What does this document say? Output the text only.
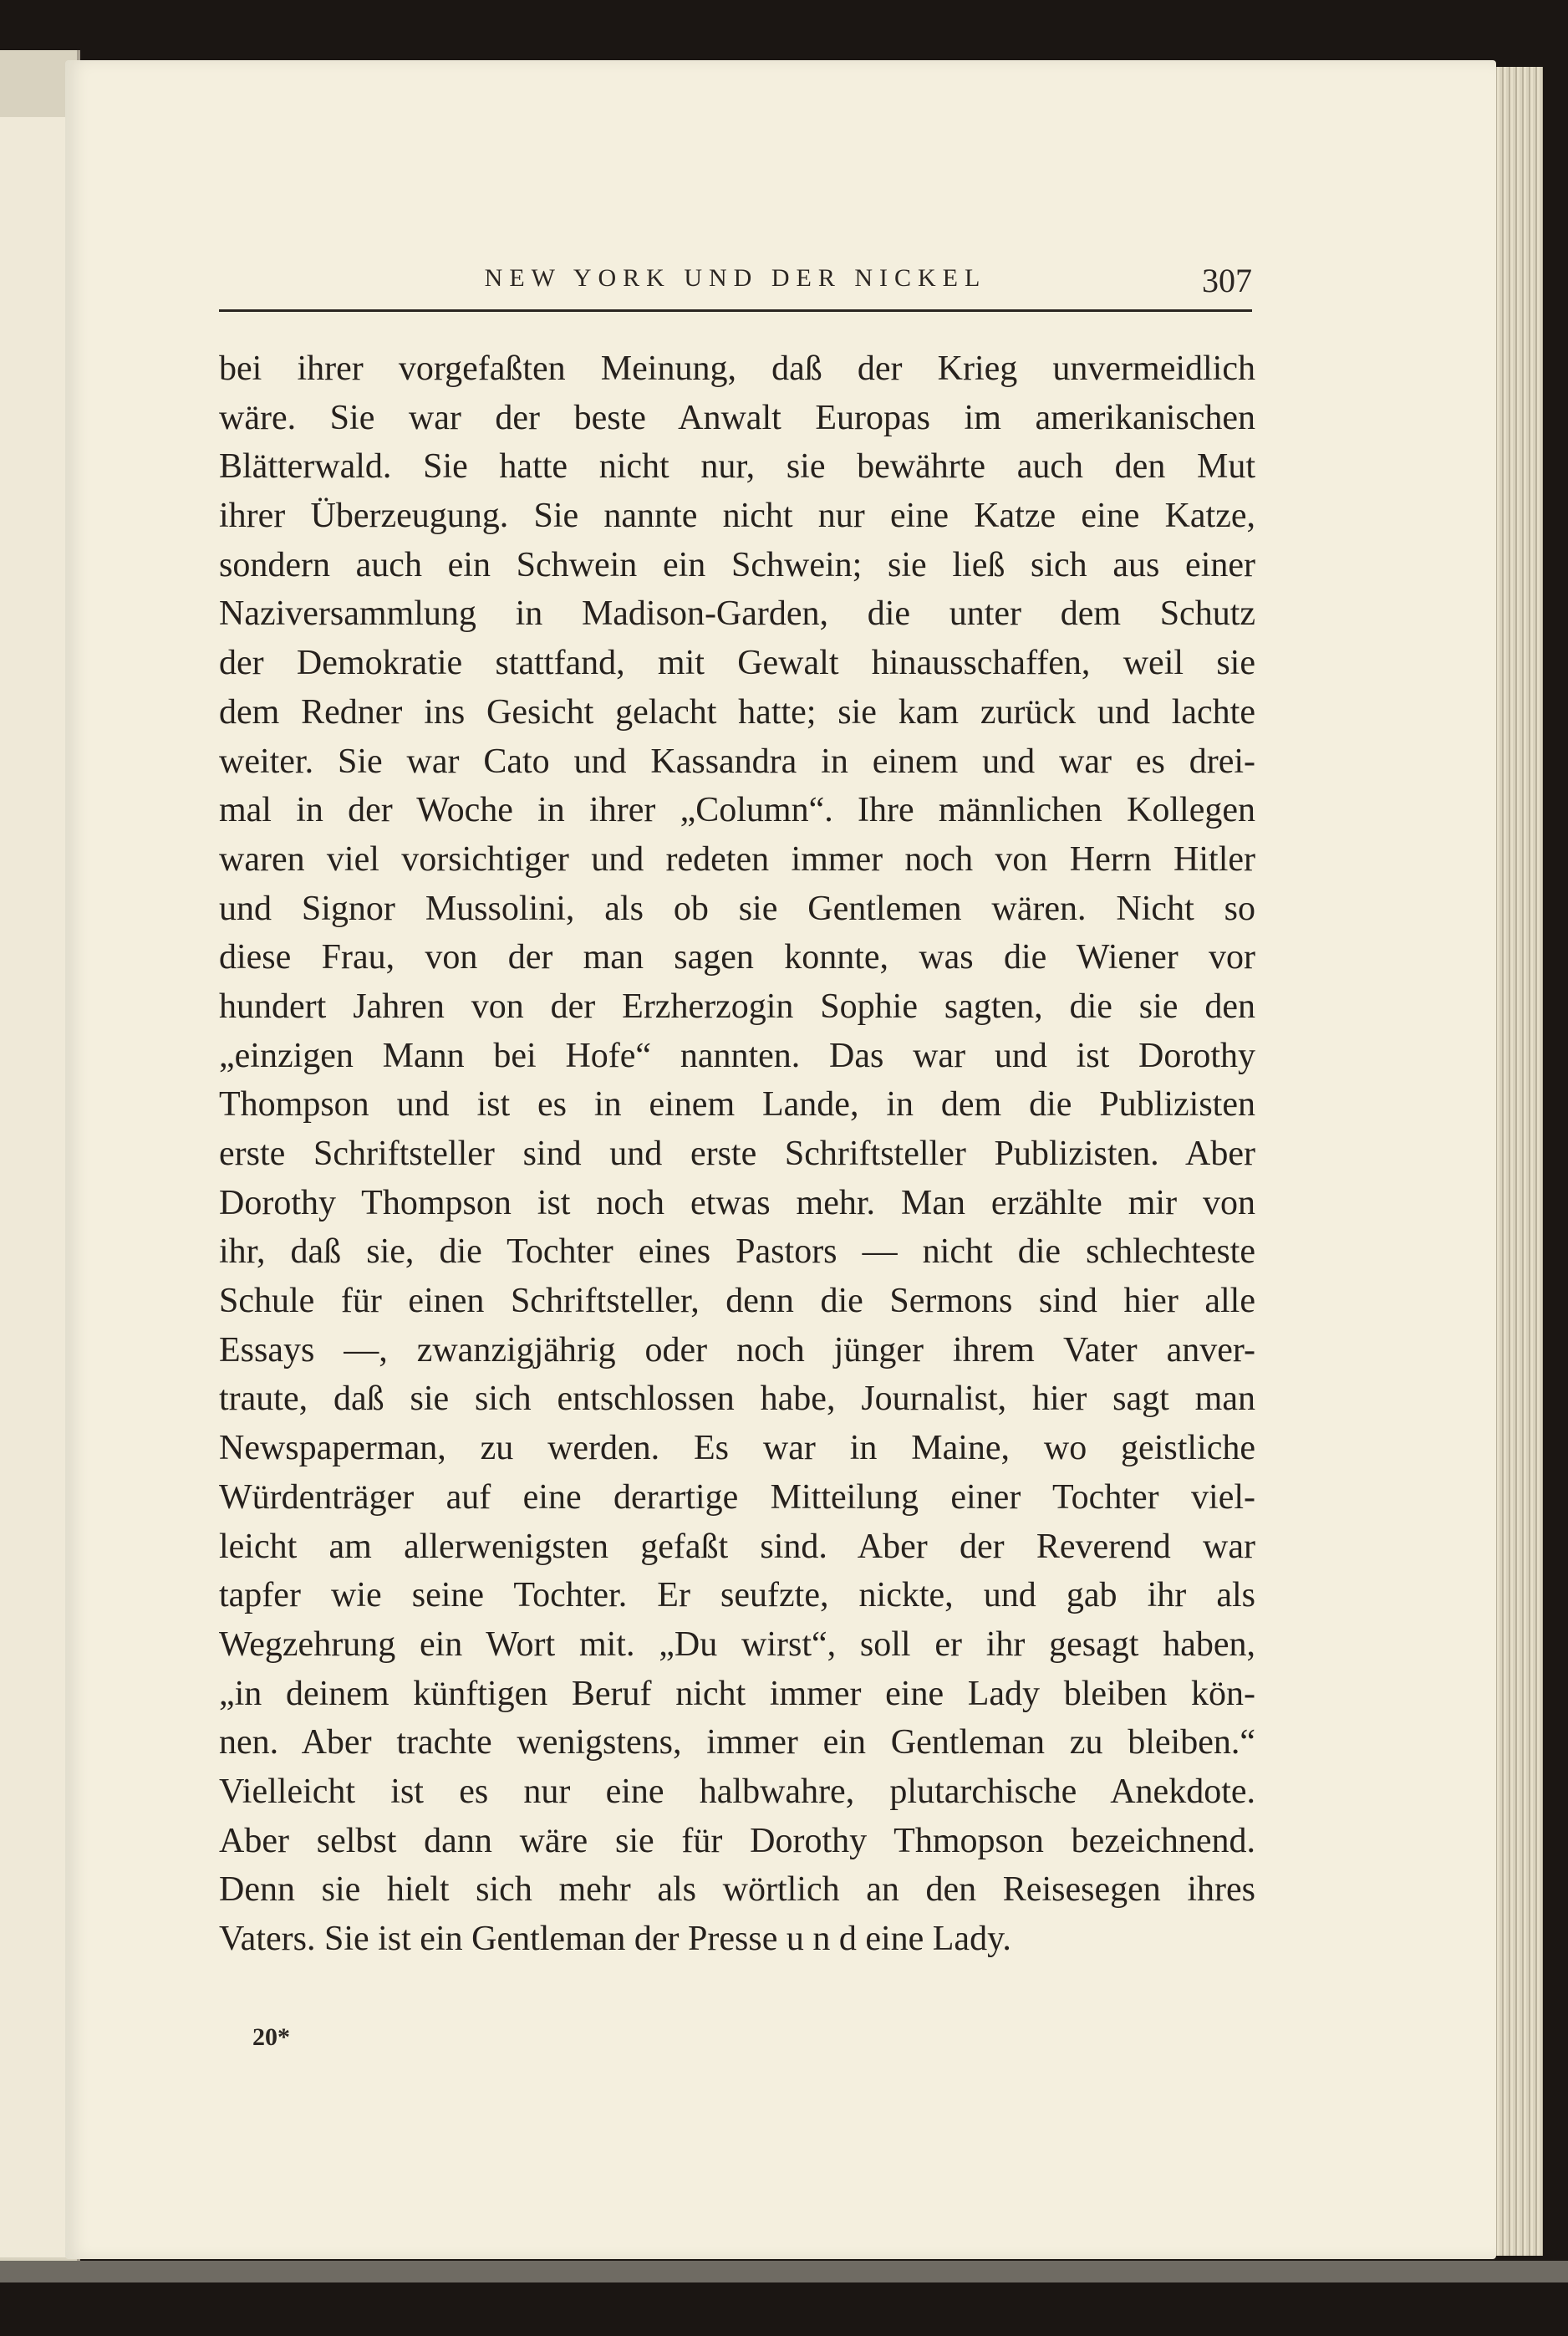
NEW YORK UND DER NICKEL	307
bei ihrer vorgefaßten Meinung, daß der Krieg unvermeidlich
wäre. Sie war der beste Anwalt Europas im amerikanischen
Blätterwald. Sie hatte nicht nur, sie bewährte auch den Mut
ihrer Überzeugung. Sie nannte nicht nur eine Katze eine Katze,
sondern auch ein Schwein ein Schwein; sie ließ sich aus einer
Naziversammlung in Madison-Garden, die unter dem Schutz
der Demokratie stattfand, mit Gewalt hinausschaffen, weil sie
dem Redner ins Gesicht gelacht hatte; sie kam zurück und lachte
weiter. Sie war Cato und Kassandra in einem und war es drei-
mal in der Woche in ihrer „Column“. Ihre männlichen Kollegen
waren viel vorsichtiger und redeten immer noch von Herrn Hitler
und Signor Mussolini, als ob sie Gentlemen wären. Nicht so
diese Frau, von der man sagen konnte, was die Wiener vor
hundert Jahren von der Erzherzogin Sophie sagten, die sie den
„einzigen Mann bei Hofe“ nannten. Das war und ist Dorothy
Thompson und ist es in einem Lande, in dem die Publizisten
erste Schriftsteller sind und erste Schriftsteller Publizisten. Aber
Dorothy Thompson ist noch etwas mehr. Man erzählte mir von
ihr, daß sie, die Tochter eines Pastors — nicht die schlechteste
Schule für einen Schriftsteller, denn die Sermons sind hier alle
Essays —, zwanzigjährig oder noch jünger ihrem Vater anver-
traute, daß sie sich entschlossen habe, Journalist, hier sagt man
Newspaperman, zu werden. Es war in Maine, wo geistliche
Würdenträger auf eine derartige Mitteilung einer Tochter viel-
leicht am allerwenigsten gefaßt sind. Aber der Reverend war
tapfer wie seine Tochter. Er seufzte, nickte, und gab ihr als
Wegzehrung ein Wort mit. „Du wirst“, soll er ihr gesagt haben,
„in deinem künftigen Beruf nicht immer eine Lady bleiben kön-
nen. Aber trachte wenigstens, immer ein Gentleman zu bleiben.“
Vielleicht ist es nur eine halbwahre, plutarchische Anekdote.
Aber selbst dann wäre sie für Dorothy Thmopson bezeichnend.
Denn sie hielt sich mehr als wörtlich an den Reisesegen ihres
Vaters. Sie ist ein Gentleman der Presse u n d eine Lady.
20*
